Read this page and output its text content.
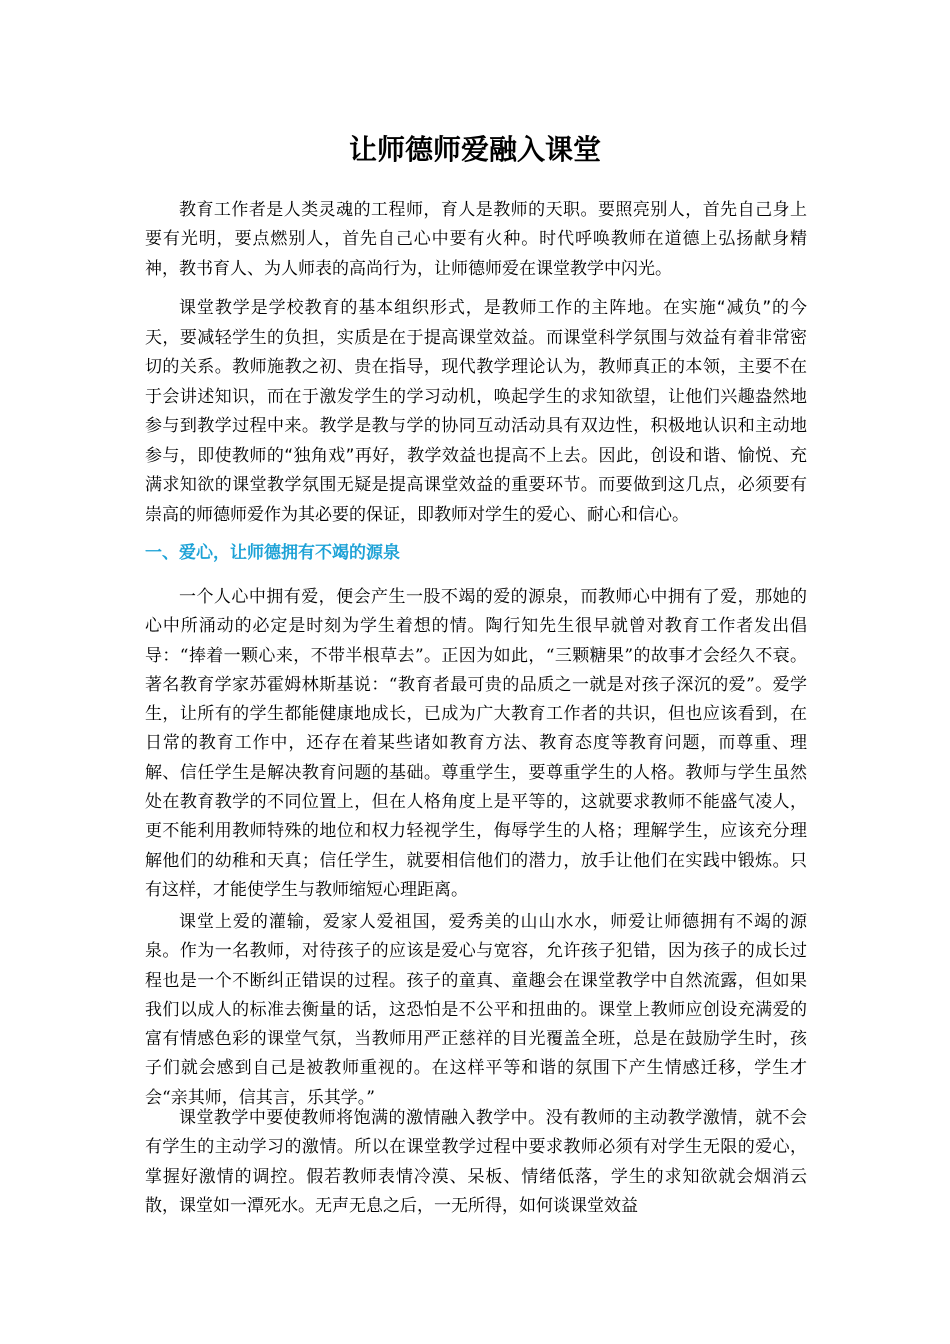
让师德师爱融入课堂

教育工作者是人类灵魂的工程师，育人是教师的天职。要照亮别人，首先自己身上要有光明，要点燃别人，首先自己心中要有火种。时代呼唤教师在道德上弘扬献身精神，教书育人、为人师表的高尚行为，让师德师爱在课堂教学中闪光。

课堂教学是学校教育的基本组织形式，是教师工作的主阵地。在实施“减负”的今天，要减轻学生的负担，实质是在于提高课堂效益。而课堂科学氛围与效益有着非常密切的关系。教师施教之初、贵在指导，现代教学理论认为，教师真正的本领，主要不在于会讲述知识，而在于激发学生的学习动机，唤起学生的求知欲望，让他们兴趣盎然地参与到教学过程中来。教学是教与学的协同互动活动具有双边性，积极地认识和主动地参与，即使教师的“独角戏”再好，教学效益也提高不上去。因此，创设和谐、愉悦、充满求知欲的课堂教学氛围无疑是提高课堂效益的重要环节。而要做到这几点，必须要有崇高的师德师爱作为其必要的保证，即教师对学生的爱心、耐心和信心。

一、爱心，让师德拥有不竭的源泉

一个人心中拥有爱，便会产生一股不竭的爱的源泉，而教师心中拥有了爱，那她的心中所涌动的必定是时刻为学生着想的情。陶行知先生很早就曾对教育工作者发出倡导：“捧着一颗心来，不带半根草去”。正因为如此，“三颗糖果”的故事才会经久不衰。著名教育学家苏霍姆林斯基说：“教育者最可贵的品质之一就是对孩子深沉的爱”。爱学生，让所有的学生都能健康地成长，已成为广大教育工作者的共识，但也应该看到，在日常的教育工作中，还存在着某些诸如教育方法、教育态度等教育问题，而尊重、理解、信任学生是解决教育问题的基础。尊重学生，要尊重学生的人格。教师与学生虽然处在教育教学的不同位置上，但在人格角度上是平等的，这就要求教师不能盛气凌人，更不能利用教师特殊的地位和权力轻视学生，侮辱学生的人格；理解学生，应该充分理解他们的幼稚和天真；信任学生，就要相信他们的潜力，放手让他们在实践中锻炼。只有这样，才能使学生与教师缩短心理距离。

课堂上爱的灌输，爱家人爱祖国，爱秀美的山山水水，师爱让师德拥有不竭的源泉。作为一名教师，对待孩子的应该是爱心与宽容，允许孩子犯错，因为孩子的成长过程也是一个不断纠正错误的过程。孩子的童真、童趣会在课堂教学中自然流露，但如果我们以成人的标准去衡量的话，这恐怕是不公平和扭曲的。课堂上教师应创设充满爱的富有情感色彩的课堂气氛，当教师用严正慈祥的目光覆盖全班，总是在鼓励学生时，孩子们就会感到自己是被教师重视的。在这样平等和谐的氛围下产生情感迁移，学生才会“亲其师，信其言，乐其学。”

课堂教学中要使教师将饱满的激情融入教学中。没有教师的主动教学激情，就不会有学生的主动学习的激情。所以在课堂教学过程中要求教师必须有对学生无限的爱心，掌握好激情的调控。假若教师表情冷漠、呆板、情绪低落，学生的求知欲就会烟消云散，课堂如一潭死水。无声无息之后，一无所得，如何谈课堂效益
